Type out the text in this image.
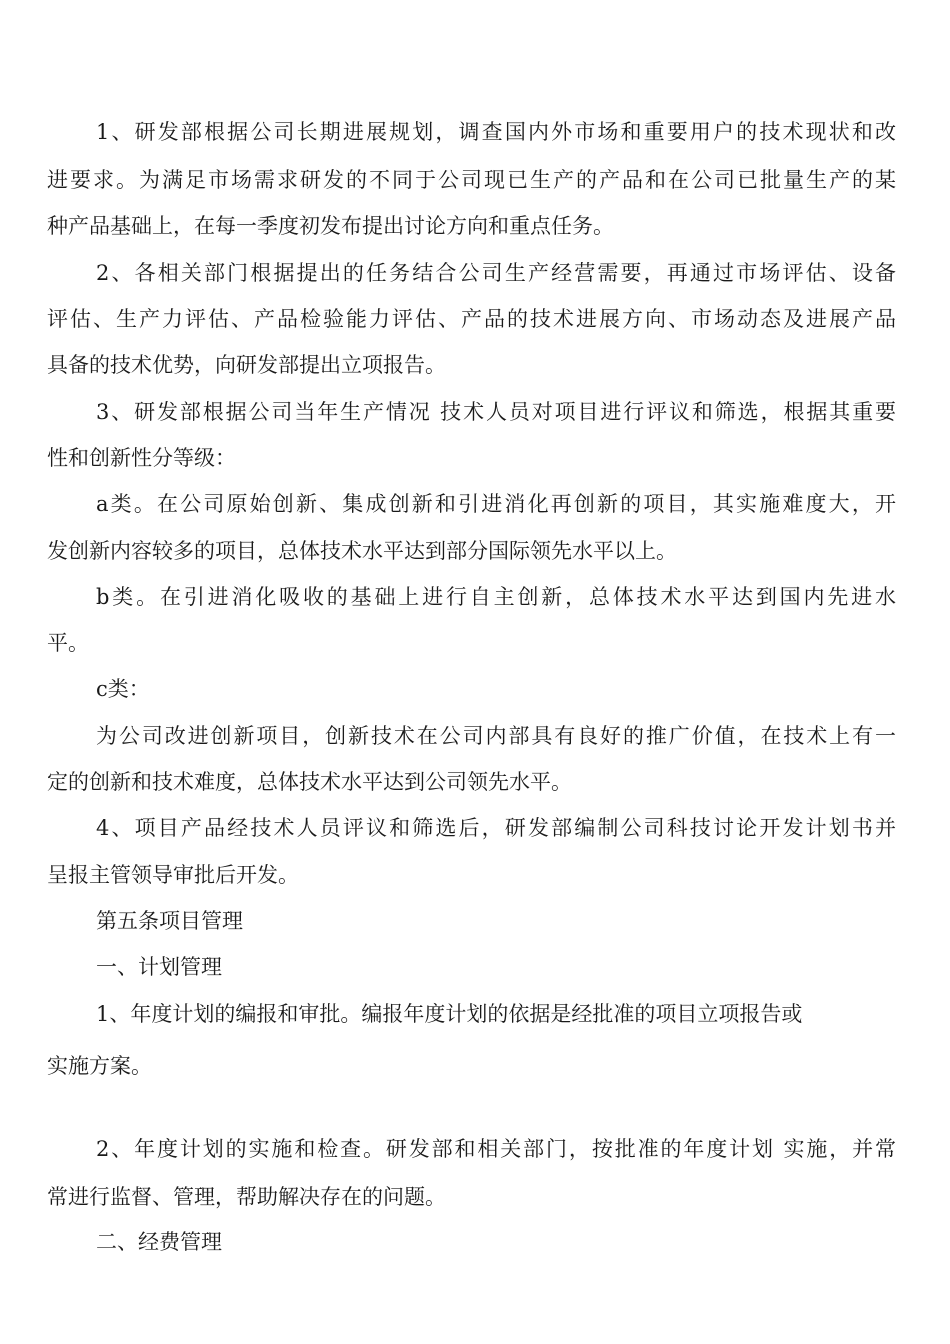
1、研发部根据公司长期进展规划，调查国内外市场和重要用户的技术现状和改
进要求。为满足市场需求研发的不同于公司现已生产的产品和在公司已批量生产的某
种产品基础上，在每一季度初发布提出讨论方向和重点任务。
2、各相关部门根据提出的任务结合公司生产经营需要，再通过市场评估、设备
评估、生产力评估、产品检验能力评估、产品的技术进展方向、市场动态及进展产品
具备的技术优势，向研发部提出立项报告。
3、研发部根据公司当年生产情况 技术人员对项目进行评议和筛选，根据其重要
性和创新性分等级：
a类。在公司原始创新、集成创新和引进消化再创新的项目，其实施难度大，开
发创新内容较多的项目，总体技术水平达到部分国际领先水平以上。
b类。在引进消化吸收的基础上进行自主创新，总体技术水平达到国内先进水
平。
c类：
为公司改进创新项目，创新技术在公司内部具有良好的推广价值，在技术上有一
定的创新和技术难度，总体技术水平达到公司领先水平。
4、项目产品经技术人员评议和筛选后，研发部编制公司科技讨论开发计划书并
呈报主管领导审批后开发。
第五条项目管理
一、计划管理
1、年度计划的编报和审批。编报年度计划的依据是经批准的项目立项报告或
实施方案。
2、年度计划的实施和检查。研发部和相关部门，按批准的年度计划 实施，并常
常进行监督、管理，帮助解决存在的问题。
二、经费管理
